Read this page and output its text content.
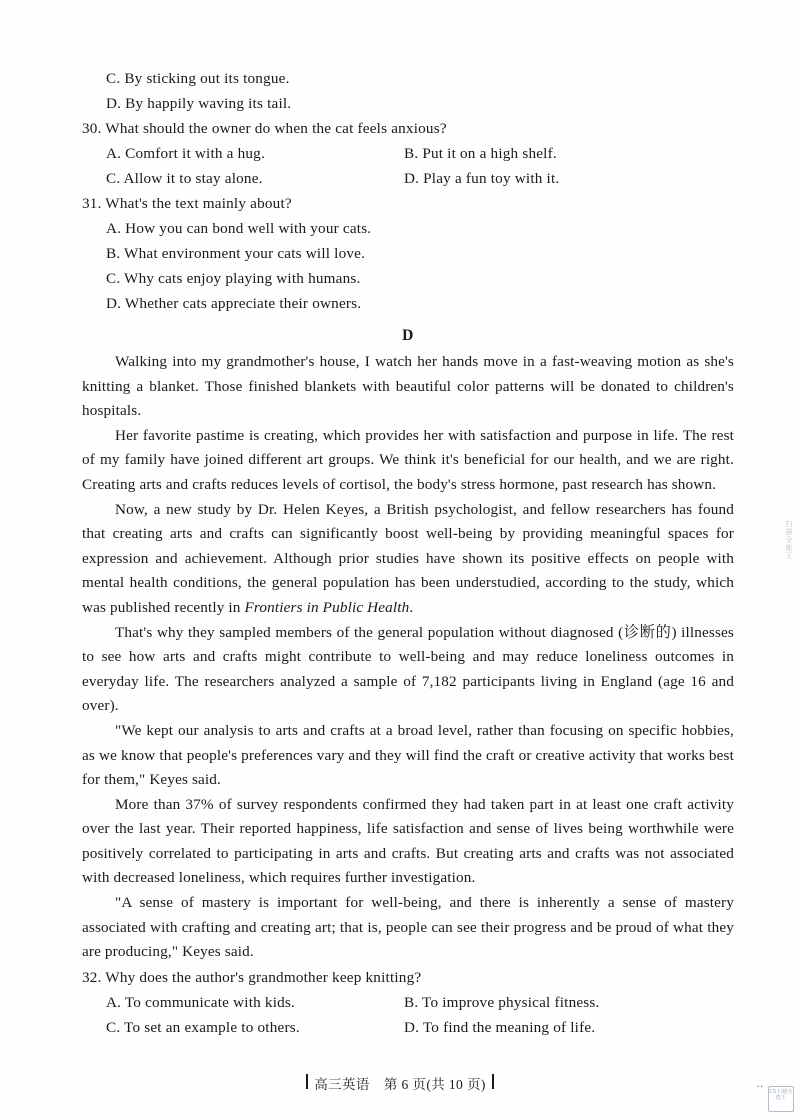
C. By sticking out its tongue.
D. By happily waving its tail.
30. What should the owner do when the cat feels anxious?
A. Comfort it with a hug.	B. Put it on a high shelf.
C. Allow it to stay alone.	D. Play a fun toy with it.
31. What's the text mainly about?
A. How you can bond well with your cats.
B. What environment your cats will love.
C. Why cats enjoy playing with humans.
D. Whether cats appreciate their owners.
D

Walking into my grandmother's house, I watch her hands move in a fast-weaving motion as she's knitting a blanket. Those finished blankets with beautiful color patterns will be donated to children's hospitals.

Her favorite pastime is creating, which provides her with satisfaction and purpose in life. The rest of my family have joined different art groups. We think it's beneficial for our health, and we are right. Creating arts and crafts reduces levels of cortisol, the body's stress hormone, past research has shown.

Now, a new study by Dr. Helen Keyes, a British psychologist, and fellow researchers has found that creating arts and crafts can significantly boost well-being by providing meaningful spaces for expression and achievement. Although prior studies have shown its positive effects on people with mental health conditions, the general population has been understudied, according to the study, which was published recently in Frontiers in Public Health.

That's why they sampled members of the general population without diagnosed (诊断的) illnesses to see how arts and crafts might contribute to well-being and may reduce loneliness outcomes in everyday life. The researchers analyzed a sample of 7,182 participants living in England (age 16 and over).

"We kept our analysis to arts and crafts at a broad level, rather than focusing on specific hobbies, as we know that people's preferences vary and they will find the craft or creative activity that works best for them," Keyes said.

More than 37% of survey respondents confirmed they had taken part in at least one craft activity over the last year. Their reported happiness, life satisfaction and sense of lives being worthwhile were positively correlated to participating in arts and crafts. But creating arts and crafts was not associated with decreased loneliness, which requires further investigation.

"A sense of mastery is important for well-being, and there is inherently a sense of mastery associated with crafting and creating art; that is, people can see their progress and be proud of what they are producing," Keyes said.

32. Why does the author's grandmother keep knitting?
A. To communicate with kids.	B. To improve physical fitness.
C. To set an example to others.	D. To find the meaning of life.
高三英语 第 6 页(共 10 页)	..
扫描全能王
CS 扫描全能王
